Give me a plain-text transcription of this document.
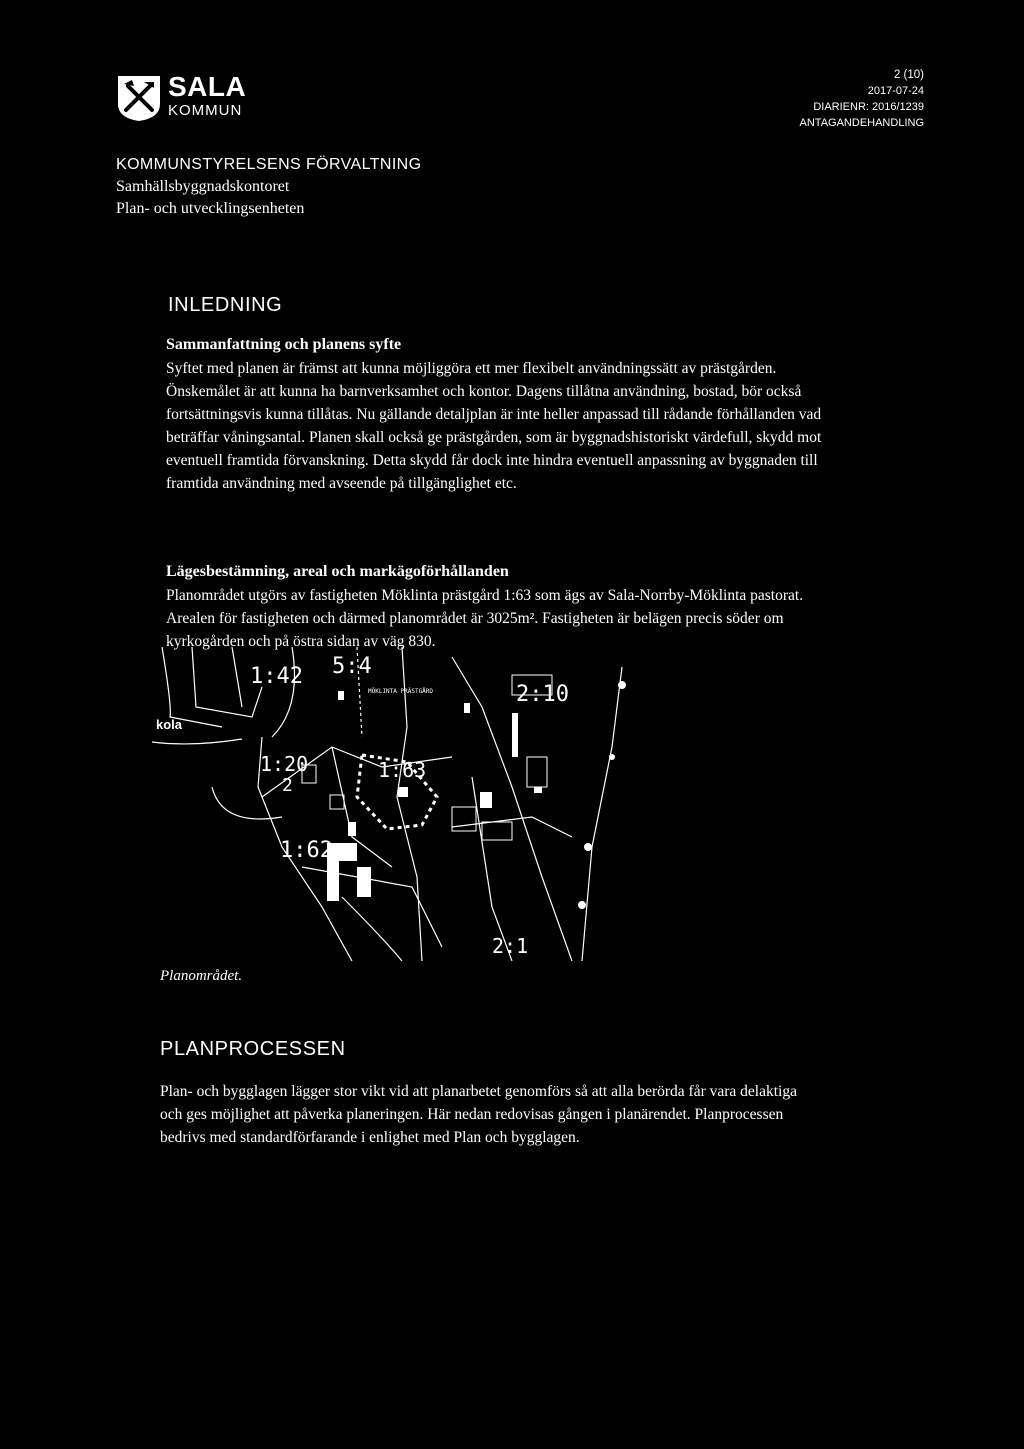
SALA
KOMMUN
2 (10)
2017-07-24
DIARIENR: 2016/1239
ANTAGANDEHANDLING
KOMMUNSTYRELSENS FÖRVALTNING
Samhällsbyggnadskontoret
Plan- och utvecklingsenheten
INLEDNING
Sammanfattning och planens syfte

Syftet med planen är främst att kunna möjliggöra ett mer flexibelt användningssätt av prästgården. Önskemålet är att kunna ha barnverksamhet och kontor. Dagens tillåtna användning, bostad, bör också fortsättningsvis kunna tillåtas. Nu gällande detaljplan är inte heller anpassad till rådande förhållanden vad beträffar våningsantal. Planen skall också ge prästgården, som är byggnadshistoriskt värdefull, skydd mot eventuell framtida förvanskning. Detta skydd får dock inte hindra eventuell anpassning av byggnaden till framtida användning med avseende på tillgänglighet etc.

Lägesbestämning, areal och markägoförhållanden

Planområdet utgörs av fastigheten Möklinta prästgård 1:63 som ägs av Sala-Norrby-Möklinta pastorat. Arealen för fastigheten och därmed planområdet är 3025m². Fastigheten är belägen precis söder om kyrkogården och på östra sidan av väg 830.

1:42 5:4
2:10
kola
1:20
2
1:63
1:62
2:1
MÖKLINTA PRÄSTGÅRD
Planområdet.
PLANPROCESSEN

Plan- och bygglagen lägger stor vikt vid att planarbetet genomförs så att alla berörda får vara delaktiga och ges möjlighet att påverka planeringen. Här nedan redovisas gången i planärendet. Planprocessen bedrivs med standardförfarande i enlighet med Plan och bygglagen.
